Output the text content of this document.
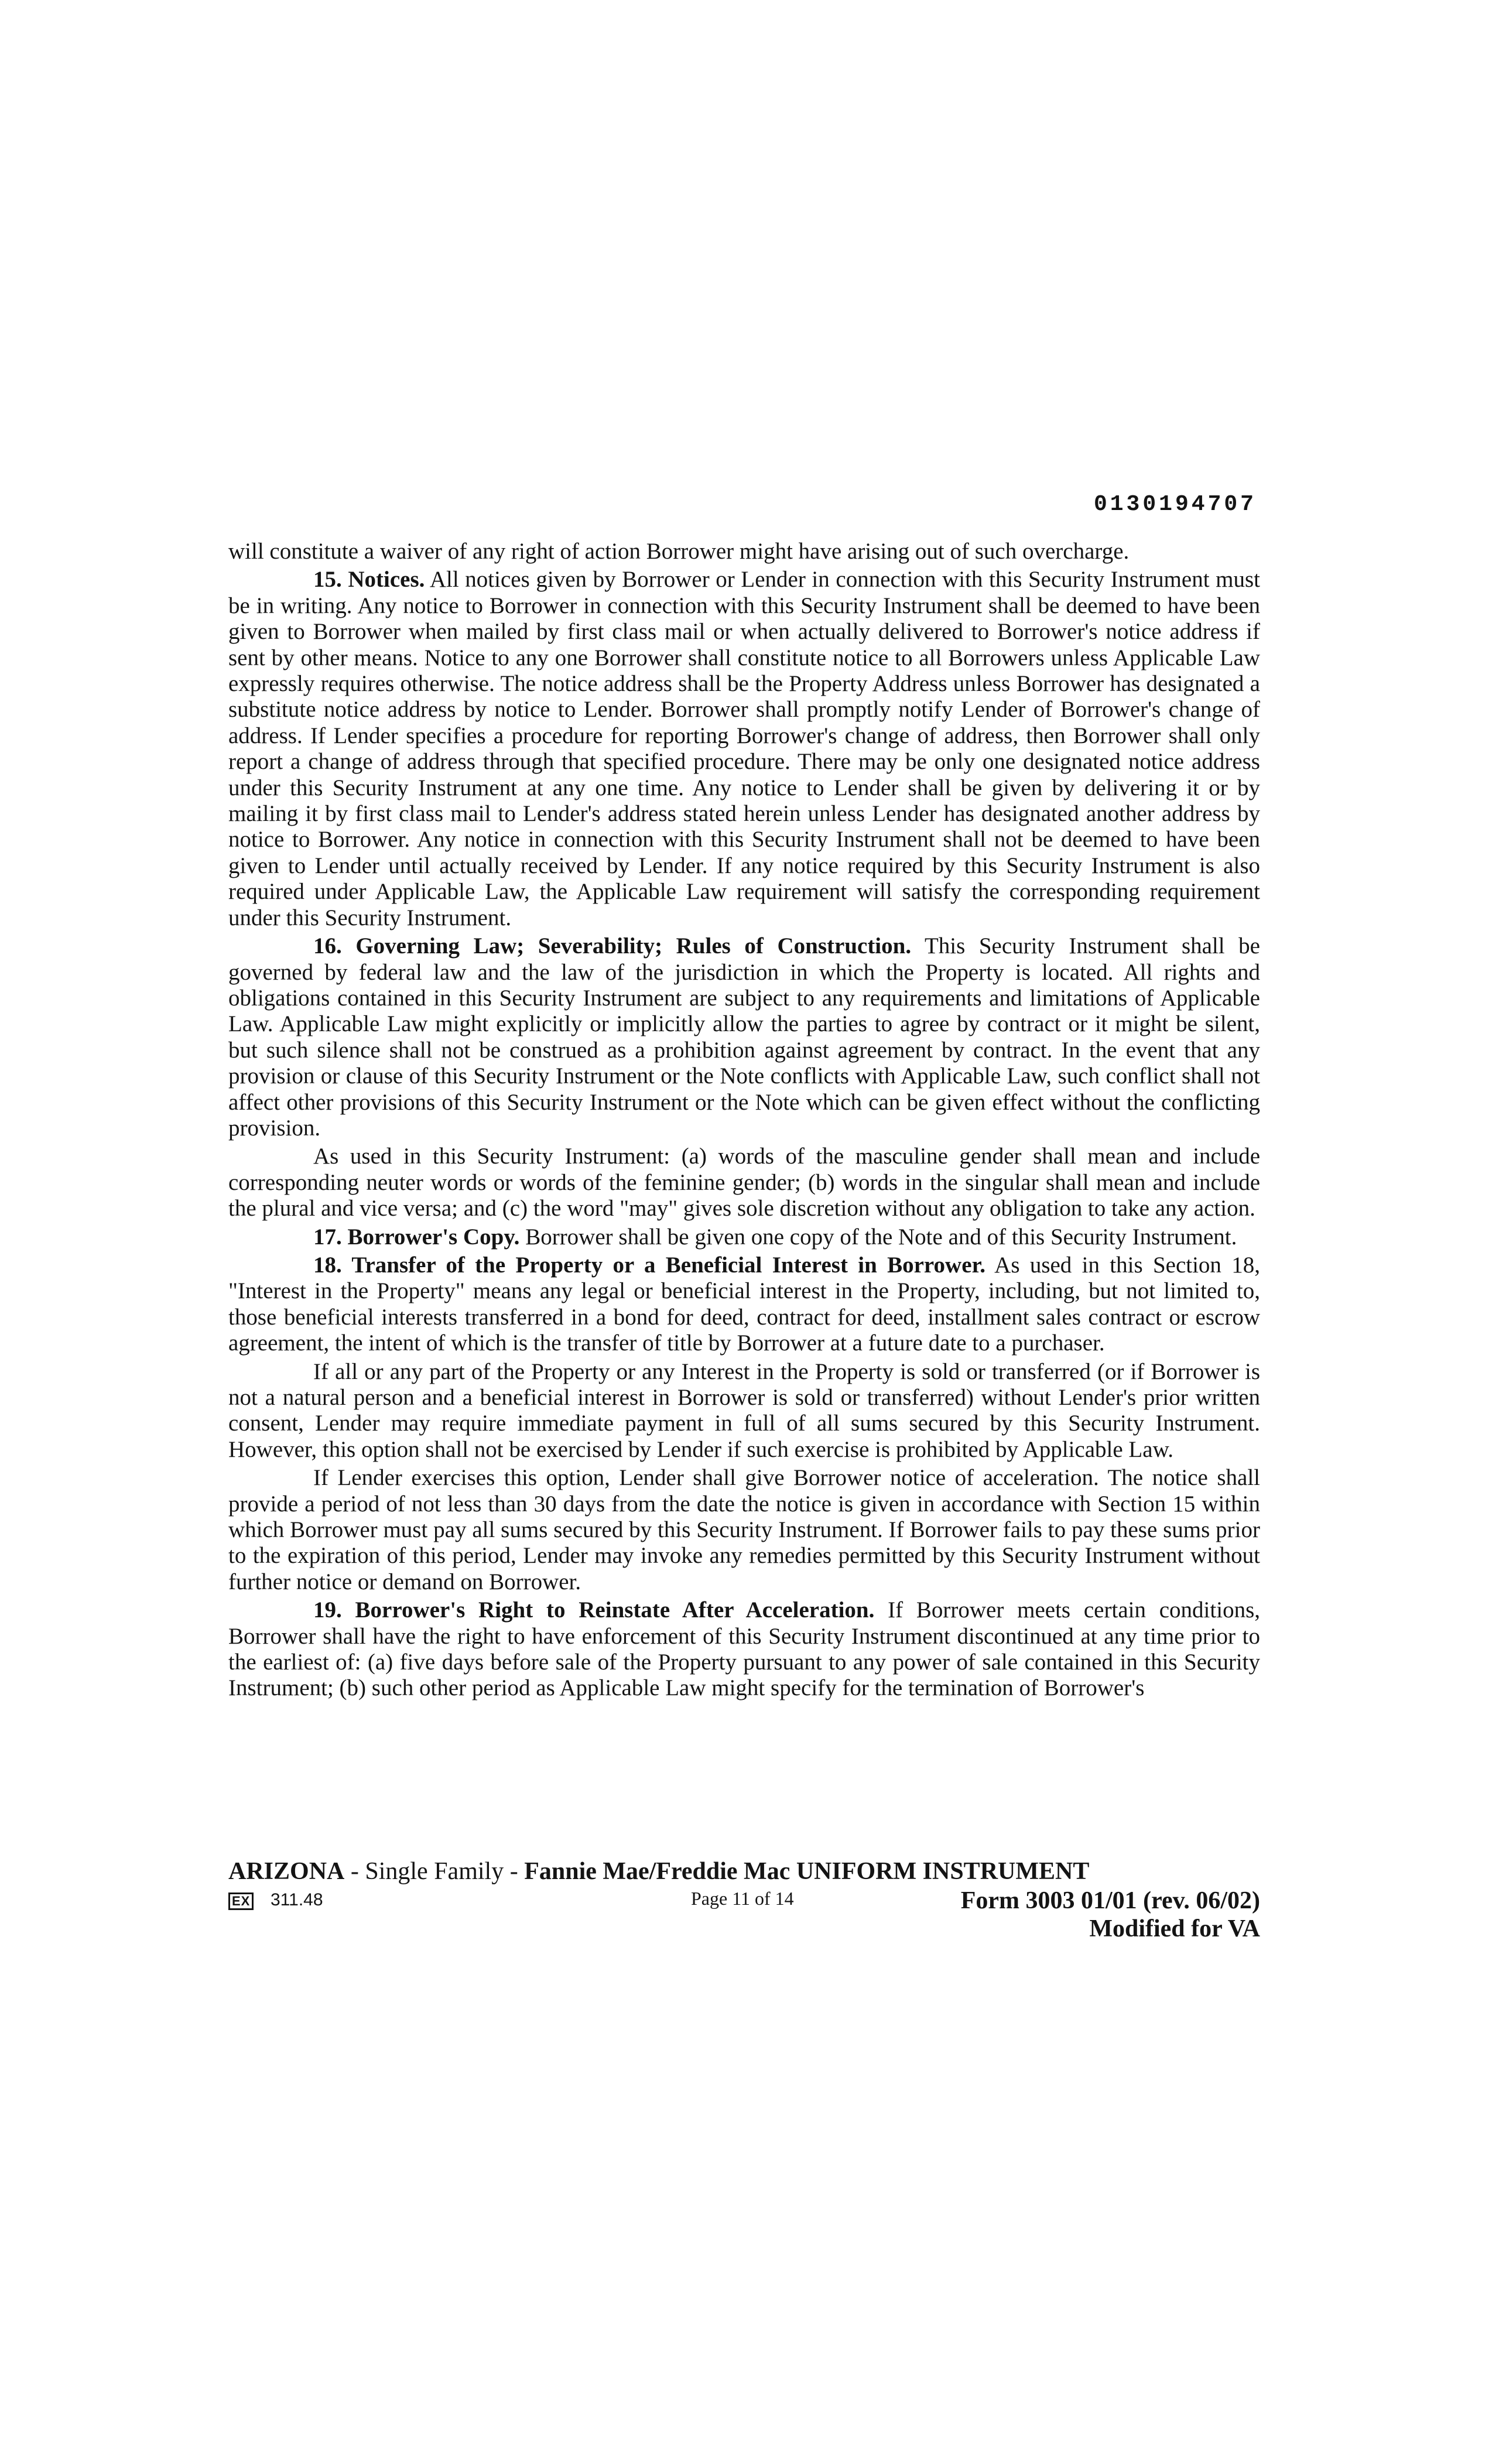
0130194707

will constitute a waiver of any right of action Borrower might have arising out of such overcharge.

15. Notices. All notices given by Borrower or Lender in connection with this Security Instrument must be in writing. Any notice to Borrower in connection with this Security Instrument shall be deemed to have been given to Borrower when mailed by first class mail or when actually delivered to Borrower's notice address if sent by other means. Notice to any one Borrower shall constitute notice to all Borrowers unless Applicable Law expressly requires otherwise. The notice address shall be the Property Address unless Borrower has designated a substitute notice address by notice to Lender. Borrower shall promptly notify Lender of Borrower's change of address. If Lender specifies a procedure for reporting Borrower's change of address, then Borrower shall only report a change of address through that specified procedure. There may be only one designated notice address under this Security Instrument at any one time. Any notice to Lender shall be given by delivering it or by mailing it by first class mail to Lender's address stated herein unless Lender has designated another address by notice to Borrower. Any notice in connection with this Security Instrument shall not be deemed to have been given to Lender until actually received by Lender. If any notice required by this Security Instrument is also required under Applicable Law, the Applicable Law requirement will satisfy the corresponding requirement under this Security Instrument.

16. Governing Law; Severability; Rules of Construction. This Security Instrument shall be governed by federal law and the law of the jurisdiction in which the Property is located. All rights and obligations contained in this Security Instrument are subject to any requirements and limitations of Applicable Law. Applicable Law might explicitly or implicitly allow the parties to agree by contract or it might be silent, but such silence shall not be construed as a prohibition against agreement by contract. In the event that any provision or clause of this Security Instrument or the Note conflicts with Applicable Law, such conflict shall not affect other provisions of this Security Instrument or the Note which can be given effect without the conflicting provision.

As used in this Security Instrument: (a) words of the masculine gender shall mean and include corresponding neuter words or words of the feminine gender; (b) words in the singular shall mean and include the plural and vice versa; and (c) the word "may" gives sole discretion without any obligation to take any action.

17. Borrower's Copy. Borrower shall be given one copy of the Note and of this Security Instrument.

18. Transfer of the Property or a Beneficial Interest in Borrower. As used in this Section 18, "Interest in the Property" means any legal or beneficial interest in the Property, including, but not limited to, those beneficial interests transferred in a bond for deed, contract for deed, installment sales contract or escrow agreement, the intent of which is the transfer of title by Borrower at a future date to a purchaser.

If all or any part of the Property or any Interest in the Property is sold or transferred (or if Borrower is not a natural person and a beneficial interest in Borrower is sold or transferred) without Lender's prior written consent, Lender may require immediate payment in full of all sums secured by this Security Instrument. However, this option shall not be exercised by Lender if such exercise is prohibited by Applicable Law.

If Lender exercises this option, Lender shall give Borrower notice of acceleration. The notice shall provide a period of not less than 30 days from the date the notice is given in accordance with Section 15 within which Borrower must pay all sums secured by this Security Instrument. If Borrower fails to pay these sums prior to the expiration of this period, Lender may invoke any remedies permitted by this Security Instrument without further notice or demand on Borrower.

19. Borrower's Right to Reinstate After Acceleration. If Borrower meets certain conditions, Borrower shall have the right to have enforcement of this Security Instrument discontinued at any time prior to the earliest of: (a) five days before sale of the Property pursuant to any power of sale contained in this Security Instrument; (b) such other period as Applicable Law might specify for the termination of Borrower's

ARIZONA - Single Family - Fannie Mae/Freddie Mac UNIFORM INSTRUMENT
EX 311.48	Page 11 of 14	Form 3003 01/01 (rev. 06/02)
Modified for VA
